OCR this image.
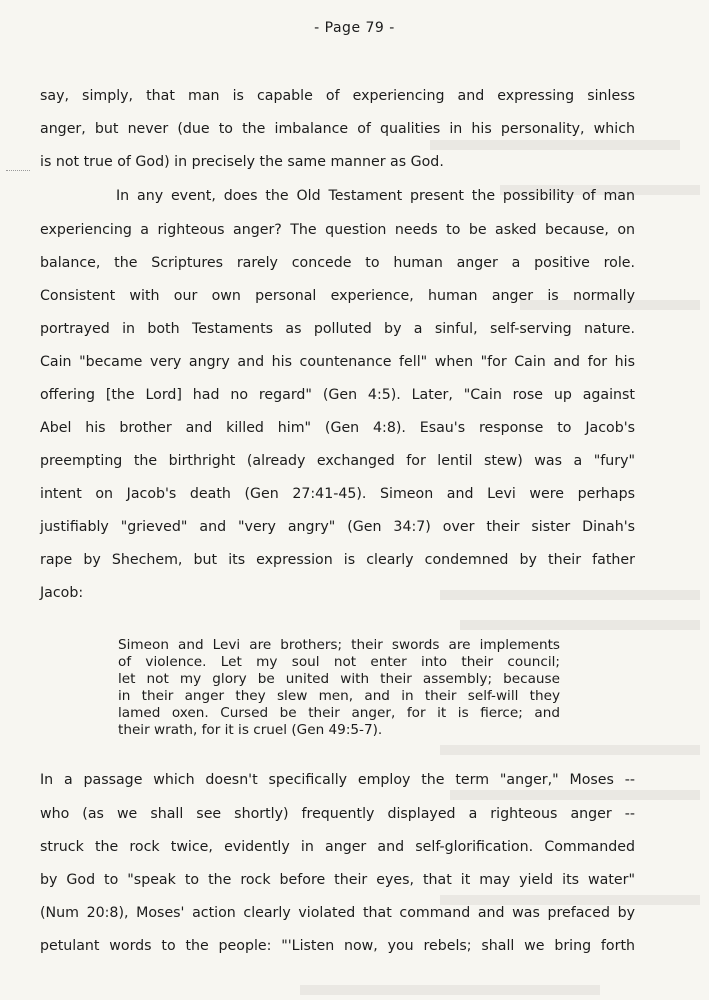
- Page 79 -
say, simply, that man is capable of experiencing and expressing sinless
anger, but never (due to the imbalance of qualities in his personality, which
is not true of God) in precisely the same manner as God.
In any event, does the Old Testament present the possibility of man
experiencing a righteous anger? The question needs to be asked because, on
balance, the Scriptures rarely concede to human anger a positive role.
Consistent with our own personal experience, human anger is normally
portrayed in both Testaments as polluted by a sinful, self-serving nature.
Cain "became very angry and his countenance fell" when "for Cain and for his
offering [the Lord] had no regard" (Gen 4:5). Later, "Cain rose up against
Abel his brother and killed him" (Gen 4:8). Esau's response to Jacob's
preempting the birthright (already exchanged for lentil stew) was a "fury"
intent on Jacob's death (Gen 27:41-45). Simeon and Levi were perhaps
justifiably "grieved" and "very angry" (Gen 34:7) over their sister Dinah's
rape by Shechem, but its expression is clearly condemned by their father
Jacob:
Simeon and Levi are brothers; their swords are implements
of violence. Let my soul not enter into their council;
let not my glory be united with their assembly; because
in their anger they slew men, and in their self-will they
lamed oxen. Cursed be their anger, for it is fierce; and
their wrath, for it is cruel (Gen 49:5-7).
In a passage which doesn't specifically employ the term "anger," Moses --
who (as we shall see shortly) frequently displayed a righteous anger --
struck the rock twice, evidently in anger and self-glorification. Commanded
by God to "speak to the rock before their eyes, that it may yield its water"
(Num 20:8), Moses' action clearly violated that command and was prefaced by
petulant words to the people: "'Listen now, you rebels; shall we bring forth
